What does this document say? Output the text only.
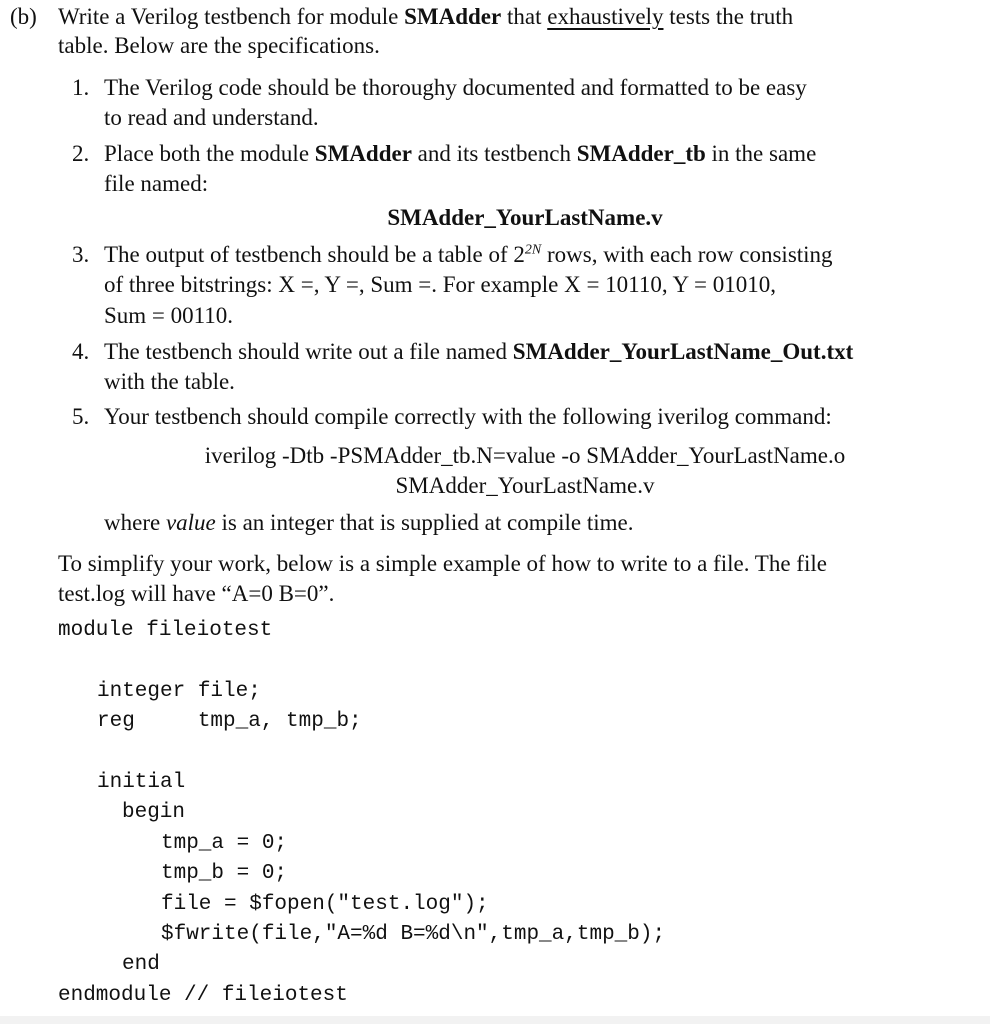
(b) Write a Verilog testbench for module SMAdder that exhaustively tests the truth
table. Below are the specifications.
1. The Verilog code should be thoroughy documented and formatted to be easy
to read and understand.
2. Place both the module SMAdder and its testbench SMAdder_tb in the same
file named:
SMAdder_YourLastName.v
3. The output of testbench should be a table of $2^{2N}$ rows, with each row consisting
of three bitstrings: X =, Y =, Sum =. For example X = 10110, Y = 01010,
Sum = 00110.
4. The testbench should write out a file named SMAdder_YourLastName_Out.txt
with the table.
5. Your testbench should compile correctly with the following iverilog command:
iverilog -Dtb -PSMAdder_tb.N=value -o SMAdder_YourLastName.o
SMAdder_YourLastName.v
where value is an integer that is supplied at compile time.
To simplify your work, below is a simple example of how to write to a file. The file
test.log will have “A=0 B=0”.
module fileiotest
integer file;
reg     tmp_a, tmp_b;
initial
begin
tmp_a = 0;
tmp_b = 0;
file = $fopen("test.log");
$fwrite(file,"A=%d B=%d\n",tmp_a,tmp_b);
end
endmodule // fileiotest
